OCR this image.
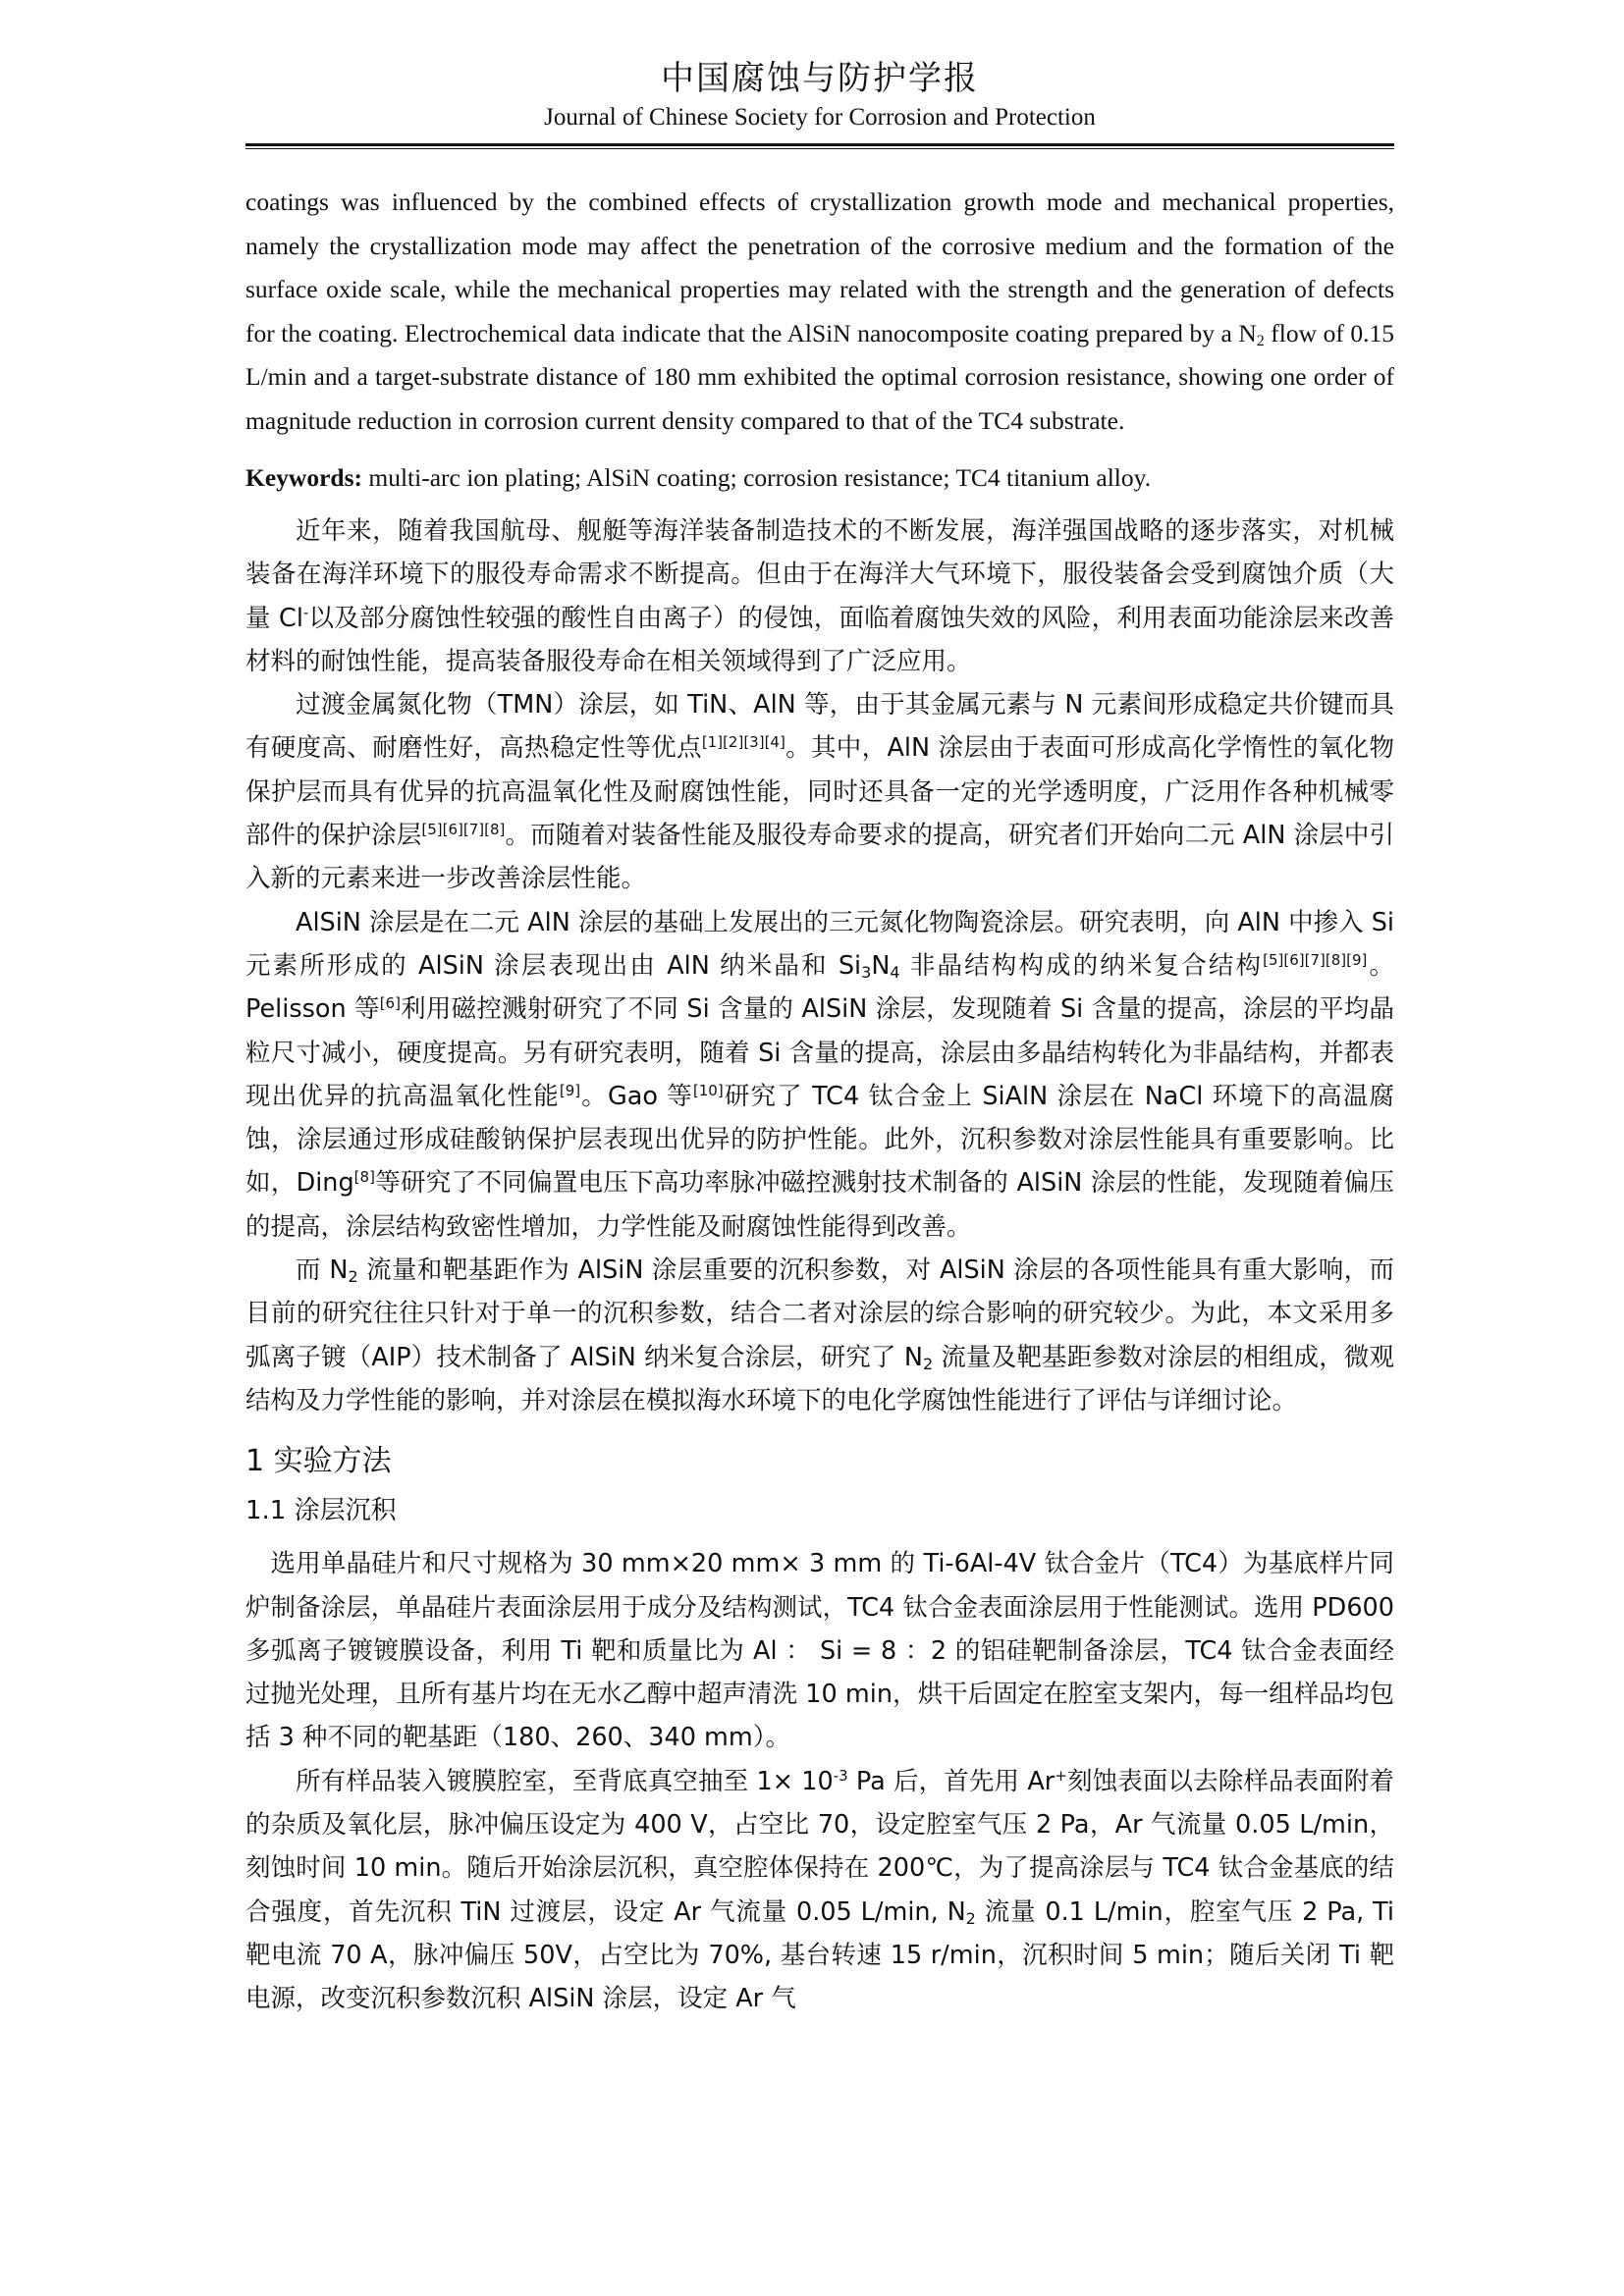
中国腐蚀与防护学报
Journal of Chinese Society for Corrosion and Protection

coatings was influenced by the combined effects of crystallization growth mode and mechanical properties, namely the crystallization mode may affect the penetration of the corrosive medium and the formation of the surface oxide scale, while the mechanical properties may related with the strength and the generation of defects for the coating. Electrochemical data indicate that the AlSiN nanocomposite coating prepared by a $N_2$ flow of 0.15 L/min and a target-substrate distance of 180 mm exhibited the optimal corrosion resistance, showing one order of magnitude reduction in corrosion current density compared to that of the TC4 substrate.

Keywords: multi-arc ion plating; AlSiN coating; corrosion resistance; TC4 titanium alloy.

近年来，随着我国航母、舰艇等海洋装备制造技术的不断发展，海洋强国战略的逐步落实，对机械装备在海洋环境下的服役寿命需求不断提高。但由于在海洋大气环境下，服役装备会受到腐蚀介质（大量 Cl-以及部分腐蚀性较强的酸性自由离子）的侵蚀，面临着腐蚀失效的风险，利用表面功能涂层来改善材料的耐蚀性能，提高装备服役寿命在相关领域得到了广泛应用。

过渡金属氮化物（TMN）涂层，如 TiN、AlN 等，由于其金属元素与 N 元素间形成稳定共价键而具有硬度高、耐磨性好，高热稳定性等优点[1][2][3][4]。其中，AlN 涂层由于表面可形成高化学惰性的氧化物保护层而具有优异的抗高温氧化性及耐腐蚀性能，同时还具备一定的光学透明度，广泛用作各种机械零部件的保护涂层[5][6][7][8]。而随着对装备性能及服役寿命要求的提高，研究者们开始向二元 AlN 涂层中引入新的元素来进一步改善涂层性能。

AlSiN 涂层是在二元 AlN 涂层的基础上发展出的三元氮化物陶瓷涂层。研究表明，向 AlN 中掺入 Si 元素所形成的 AlSiN 涂层表现出由 AlN 纳米晶和 $Si_3N_4$ 非晶结构构成的纳米复合结构[5][6][7][8][9]。Pelisson 等[6]利用磁控溅射研究了不同 Si 含量的 AlSiN 涂层，发现随着 Si 含量的提高，涂层的平均晶粒尺寸减小，硬度提高。另有研究表明，随着 Si 含量的提高，涂层由多晶结构转化为非晶结构，并都表现出优异的抗高温氧化性能[9]。Gao 等[10]研究了 TC4 钛合金上 SiAlN 涂层在 NaCl 环境下的高温腐蚀，涂层通过形成硅酸钠保护层表现出优异的防护性能。此外，沉积参数对涂层性能具有重要影响。比如，Ding[8]等研究了不同偏置电压下高功率脉冲磁控溅射技术制备的 AlSiN 涂层的性能，发现随着偏压的提高，涂层结构致密性增加，力学性能及耐腐蚀性能得到改善。

而 $N_2$ 流量和靶基距作为 AlSiN 涂层重要的沉积参数，对 AlSiN 涂层的各项性能具有重大影响，而目前的研究往往只针对于单一的沉积参数，结合二者对涂层的综合影响的研究较少。为此，本文采用多弧离子镀（AIP）技术制备了 AlSiN 纳米复合涂层，研究了 $N_2$ 流量及靶基距参数对涂层的相组成，微观结构及力学性能的影响，并对涂层在模拟海水环境下的电化学腐蚀性能进行了评估与详细讨论。

1 实验方法
1.1 涂层沉积

选用单晶硅片和尺寸规格为 30 mm×20 mm× 3 mm 的 Ti-6Al-4V 钛合金片（TC4）为基底样片同炉制备涂层，单晶硅片表面涂层用于成分及结构测试，TC4 钛合金表面涂层用于性能测试。选用 PD600 多弧离子镀镀膜设备，利用 Ti 靶和质量比为 Al ： Si = 8 ：2 的铝硅靶制备涂层，TC4 钛合金表面经过抛光处理，且所有基片均在无水乙醇中超声清洗 10 min，烘干后固定在腔室支架内，每一组样品均包括 3 种不同的靶基距（180、260、340 mm）。

所有样品装入镀膜腔室，至背底真空抽至 $1\times 10^{-3}$ Pa 后，首先用 Ar+刻蚀表面以去除样品表面附着的杂质及氧化层，脉冲偏压设定为 400 V，占空比 70，设定腔室气压 2 Pa，Ar 气流量 0.05 L/min，刻蚀时间 10 min。随后开始涂层沉积，真空腔体保持在 200℃，为了提高涂层与 TC4 钛合金基底的结合强度，首先沉积 TiN 过渡层，设定 Ar 气流量 0.05 L/min, $N_2$ 流量 0.1 L/min，腔室气压 2 Pa, Ti 靶电流 70 A，脉冲偏压 50V，占空比为 70%, 基台转速 15 r/min，沉积时间 5 min；随后关闭 Ti 靶电源，改变沉积参数沉积 AlSiN 涂层，设定 Ar 气
